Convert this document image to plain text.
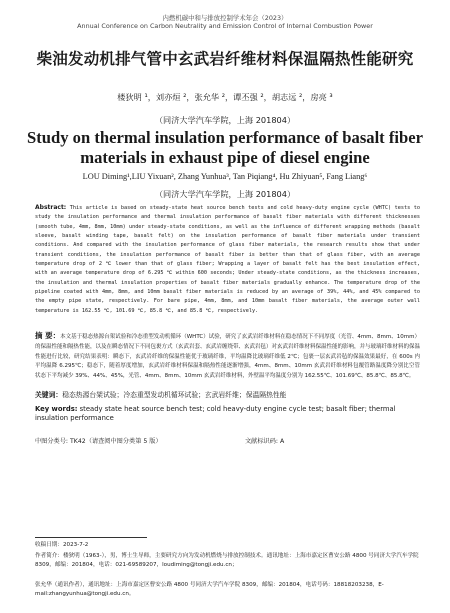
内燃机碳中和与排放控制学术年会（2023）
Annual Conference on Carbon Neutrality and Emission Control of Internal Combustion Power
柴油发动机排气管中玄武岩纤维材料保温隔热性能研究
楼狄明 ¹，刘亦烜 ²，张允华 ²，谭丕强 ²，胡志远 ²，房亮 ³
（同济大学汽车学院，上海 201804）
Study on thermal insulation performance of basalt fiber materials in exhaust pipe of diesel engine
LOU Diming¹,LIU Yixuan², Zhang Yunhua³, Tan Piqiang⁴, Hu Zhiyuan⁵, Fang Liang⁶
（同济大学汽车学院，上海 201804）
Abstract: This article is based on steady-state heat source bench tests and cold heavy-duty engine cycle (WHTC) tests to study the insulation performance and thermal insulation performance of basalt fiber materials with different thicknesses (smooth tube, 4mm, 8mm, 10mm) under steady-state conditions, as well as the influence of different wrapping methods (basalt sleeve, basalt winding tape, basalt felt) on the insulation performance of basalt fiber materials under transient conditions. And compared with the insulation performance of glass fiber materials, the research results show that under transient conditions, the insulation performance of basalt fiber is better than that of glass fiber, with an average temperature drop of 2 ℃ lower than that of glass fiber; Wrapping a layer of basalt felt has the best insulation effect, with an average temperature drop of 6.295 ℃ within 600 seconds; Under steady-state conditions, as the thickness increases, the insulation and thermal insulation properties of basalt fiber materials gradually enhance. The temperature drop of the pipeline coated with 4mm, 8mm, and 10mm basalt fiber materials is reduced by an average of 39%, 44%, and 45% compared to the empty pipe state, respectively. For bare pipe, 4mm, 8mm, and 10mm basalt fiber materials, the average outer wall temperature is 162.55 ℃, 101.69 ℃, 85.8 ℃, and 85.8 ℃, respectively.
摘 要：本文基于稳态热源台架试验和冷态重型发动机循环（WHTC）试验，研究了玄武岩纤维材料在稳态情况下不同厚度（光管、4mm、8mm、10mm）的保温性能和隔热性能，以及在瞬态情况下不同包裹方式（玄武岩套、玄武岩缠绕带、玄武岩毡）对玄武岩纤维材料保温性能的影响，并与玻璃纤维材料的保温性能进行比较，研究结果表明：瞬态下，玄武岩纤维的保温性能优于玻璃纤维，平均温降比玻璃纤维低 2℃；包裹一层玄武岩毡的保温效果最好，在 600s 内平均温降 6.295℃；稳态下，随着厚度增加，玄武岩纤维材料保温和隔热性能逐渐增强，4mm、8mm、10mm 玄武岩纤维材料包覆管路温度降分别比空管状态下平均减少 39%、44%、45%，光管、4mm、8mm、10mm 玄武岩纤维材料，外壁温平均温度分别为 162.55℃、101.69℃、85.8℃、85.8℃。
关键词：稳态热源台架试验；冷态重型发动机循环试验；玄武岩纤维；保温隔热性能
Key words: steady state heat source bench test; cold heavy-duty engine cycle test; basalt fiber; thermal insulation performance
中图分类号: TK42（请查阅中图分类第 5 版）	文献标识码: A
收稿日期：2023-7-2
作者简介：楼狄明（1963-），男，博士生导师，主要研究方向为发动机燃烧与排放控制技术。通讯地址：上海市嘉定区曹安公路 4800 号同济大学汽车学院 8309，邮编：201804，电话：021-69589207，loudiming@tongji.edu.cn；
张允华（通讯作者），通讯地址：上海市嘉定区曹安公路 4800 号同济大学汽车学院 8309，邮编：201804，电话号码：18818203238，E-mail:zhangyunhua@tongji.edu.cn。
